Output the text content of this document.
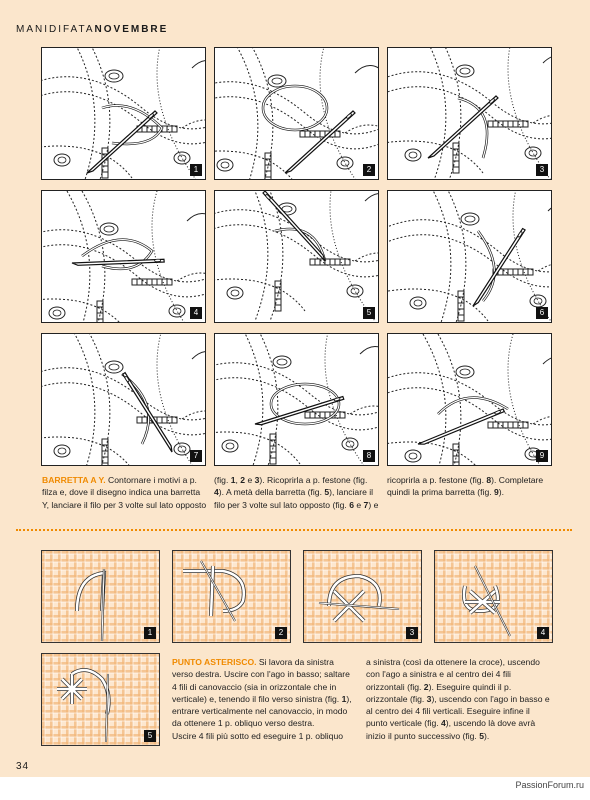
MANIDIFATANOVEMBRE
1	2	3
4	5	6
7	8	9
BARRETTA A Y. Contornare i motivi a p. filza e, dove il disegno indica una barretta Y, lanciare il filo per 3 volte sul lato opposto
(fig. 1, 2 e 3). Ricoprirla a p. festone (fig. 4). A metà della barretta (fig. 5), lanciare il filo per 3 volte sul lato opposto (fig. 6 e 7) e
ricoprirla a p. festone (fig. 8). Completare quindi la prima barretta (fig. 9).
1	2	3	4
5
PUNTO ASTERISCO. Si lavora da sinistra verso destra. Uscire con l'ago in basso; saltare 4 fili di canovaccio (sia in orizzontale che in verticale) e, tenendo il filo verso sinistra (fig. 1), entrare verticalmente nel canovaccio, in modo da ottenere 1 p. obliquo verso destra.
Uscire 4 fili più sotto ed eseguire 1 p. obliquo
a sinistra (così da ottenere la croce), uscendo con l'ago a sinistra e al centro dei 4 fili orizzontali (fig. 2). Eseguire quindi il p. orizzontale (fig. 3), uscendo con l'ago in basso e al centro dei 4 fili verticali. Eseguire infine il punto verticale (fig. 4), uscendo là dove avrà inizio il punto successivo (fig. 5).
34
PassionForum.ru
